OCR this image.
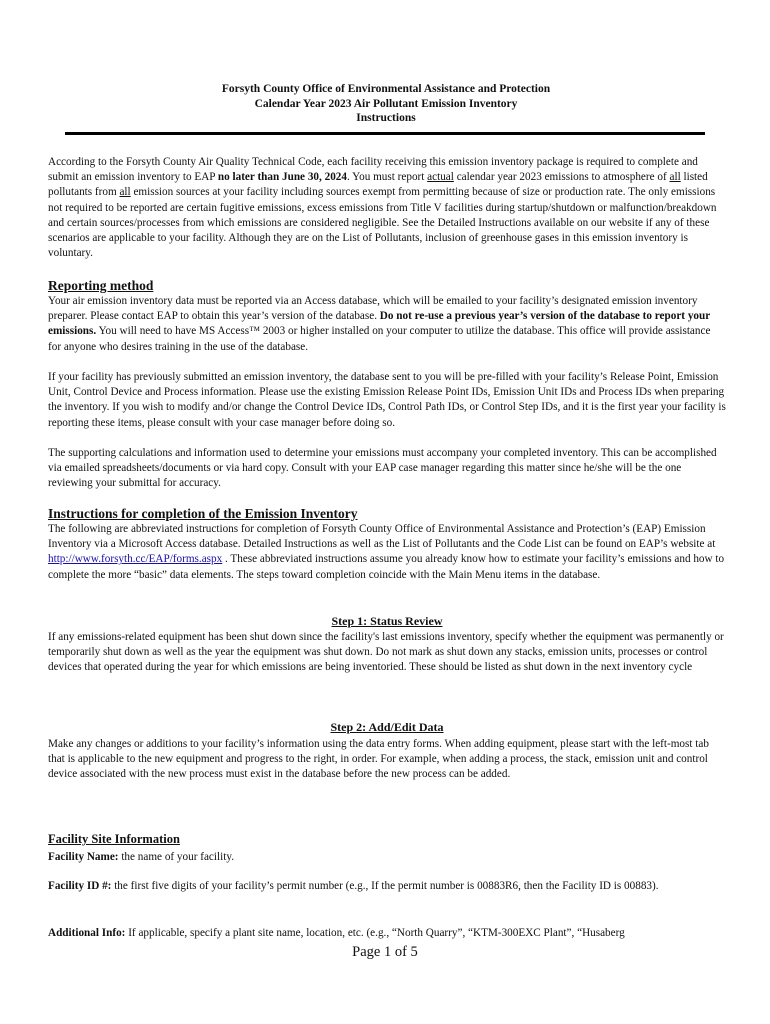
Forsyth County Office of Environmental Assistance and Protection
Calendar Year 2023 Air Pollutant Emission Inventory
Instructions

According to the Forsyth County Air Quality Technical Code, each facility receiving this emission inventory package is required to complete and submit an emission inventory to EAP no later than June 30, 2024. You must report actual calendar year 2023 emissions to atmosphere of all listed pollutants from all emission sources at your facility including sources exempt from permitting because of size or production rate. The only emissions not required to be reported are certain fugitive emissions, excess emissions from Title V facilities during startup/shutdown or malfunction/breakdown and certain sources/processes from which emissions are considered negligible. See the Detailed Instructions available on our website if any of these scenarios are applicable to your facility. Although they are on the List of Pollutants, inclusion of greenhouse gases in this emission inventory is voluntary.

Reporting method

Your air emission inventory data must be reported via an Access database, which will be emailed to your facility’s designated emission inventory preparer. Please contact EAP to obtain this year’s version of the database. Do not re-use a previous year’s version of the database to report your emissions. You will need to have MS Access™ 2003 or higher installed on your computer to utilize the database. This office will provide assistance for anyone who desires training in the use of the database.

If your facility has previously submitted an emission inventory, the database sent to you will be pre-filled with your facility’s Release Point, Emission Unit, Control Device and Process information. Please use the existing Emission Release Point IDs, Emission Unit IDs and Process IDs when preparing the inventory. If you wish to modify and/or change the Control Device IDs, Control Path IDs, or Control Step IDs, and it is the first year your facility is reporting these items, please consult with your case manager before doing so.

The supporting calculations and information used to determine your emissions must accompany your completed inventory. This can be accomplished via emailed spreadsheets/documents or via hard copy. Consult with your EAP case manager regarding this matter since he/she will be the one reviewing your submittal for accuracy.

Instructions for completion of the Emission Inventory

The following are abbreviated instructions for completion of Forsyth County Office of Environmental Assistance and Protection’s (EAP) Emission Inventory via a Microsoft Access database. Detailed Instructions as well as the List of Pollutants and the Code List can be found on EAP’s website at http://www.forsyth.cc/EAP/forms.aspx . These abbreviated instructions assume you already know how to estimate your facility’s emissions and how to complete the more “basic” data elements. The steps toward completion coincide with the Main Menu items in the database.

Step 1: Status Review

If any emissions-related equipment has been shut down since the facility's last emissions inventory, specify whether the equipment was permanently or temporarily shut down as well as the year the equipment was shut down. Do not mark as shut down any stacks, emission units, processes or control devices that operated during the year for which emissions are being inventoried. These should be listed as shut down in the next inventory cycle

Step 2: Add/Edit Data

Make any changes or additions to your facility’s information using the data entry forms. When adding equipment, please start with the left-most tab that is applicable to the new equipment and progress to the right, in order. For example, when adding a process, the stack, emission unit and control device associated with the new process must exist in the database before the new process can be added.

Facility Site Information

Facility Name: the name of your facility.

Facility ID #: the first five digits of your facility’s permit number (e.g., If the permit number is 00883R6, then the Facility ID is 00883).

Additional Info: If applicable, specify a plant site name, location, etc. (e.g., “North Quarry”, “KTM-300EXC Plant”, “Husaberg

Page 1 of 5
